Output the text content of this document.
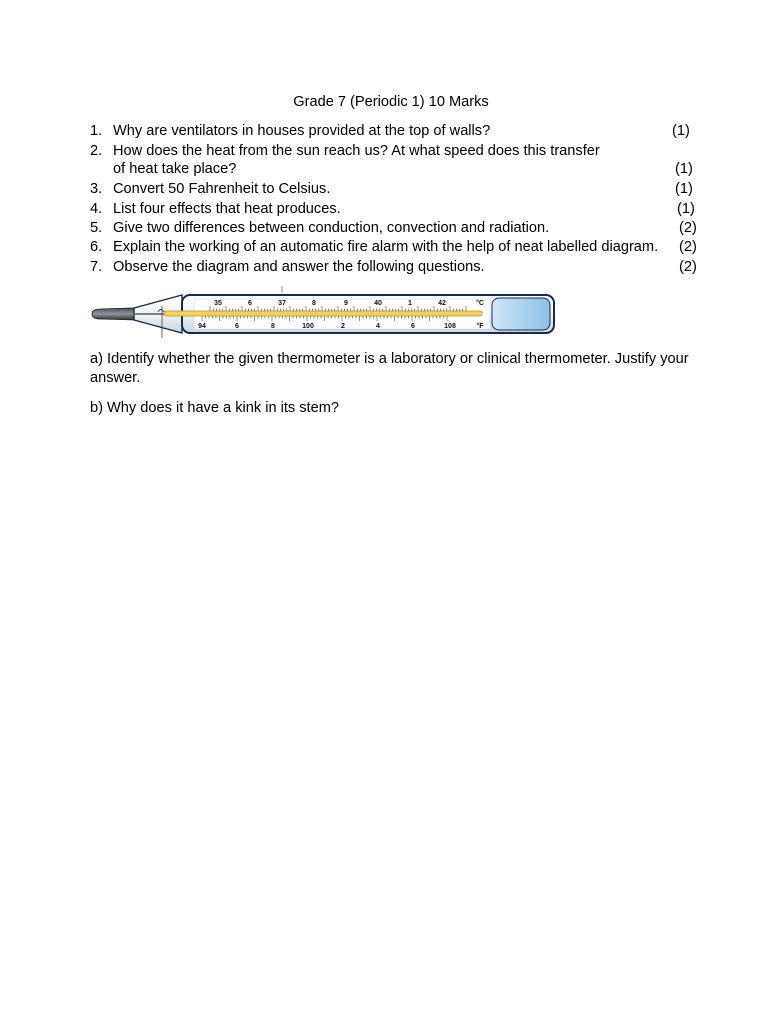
Grade 7 (Periodic 1) 10 Marks
1. Why are ventilators in houses provided at the top of walls?	(1)
2. How does the heat from the sun reach us? At what speed does this transfer
of heat take place?	(1)
3. Convert 50 Fahrenheit to Celsius.	(1)
4. List four effects that heat produces.	(1)
5. Give two differences between conduction, convection and radiation.	(2)
6. Explain the working of an automatic fire alarm with the help of neat labelled diagram.	(2)
7. Observe the diagram and answer the following questions.	(2)
35	6	37	8	9	40	1	42	°C
94	6	8	100	2	4	6	108	°F
a) Identify whether the given thermometer is a laboratory or clinical thermometer. Justify your answer.
b) Why does it have a kink in its stem?
